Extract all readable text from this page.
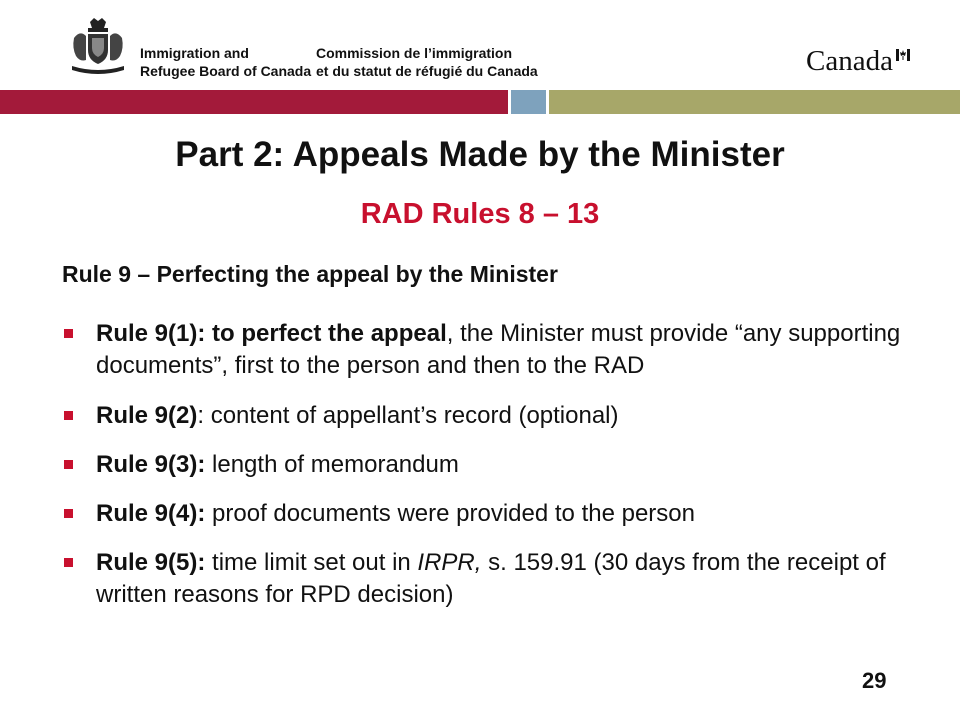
Immigration and
Refugee Board of Canada
Commission de l’immigration
et du statut de réfugié du Canada	Canada
Part 2: Appeals Made by the Minister
RAD Rules 8 – 13
Rule 9 – Perfecting the appeal by the Minister
Rule 9(1): to perfect the appeal, the Minister must provide “any supporting documents”, first to the person and then to the RAD
Rule 9(2): content of appellant’s record (optional)
Rule 9(3): length of memorandum
Rule 9(4): proof documents were provided to the person
Rule 9(5): time limit set out in IRPR, s. 159.91 (30 days from the receipt of written reasons for RPD decision)
29
